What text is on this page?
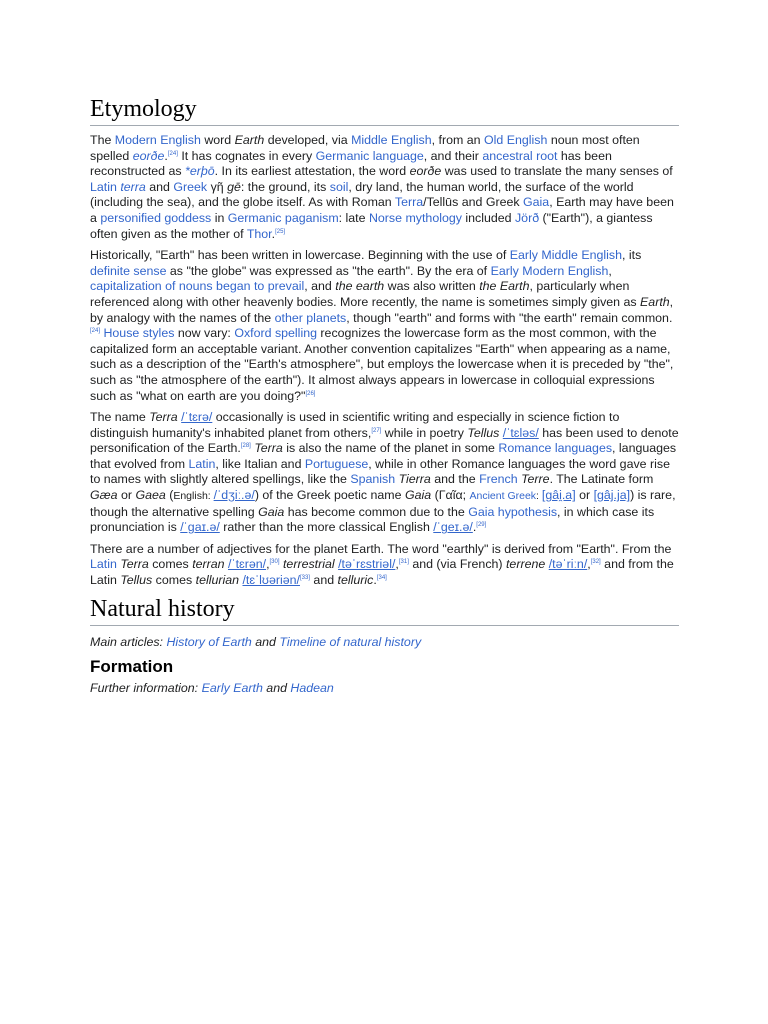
Etymology

The Modern English word Earth developed, via Middle English, from an Old English noun most often spelled eorðe.[24] It has cognates in every Germanic language, and their ancestral root has been reconstructed as *erþō. In its earliest attestation, the word eorðe was used to translate the many senses of Latin terra and Greek γῆ gē: the ground, its soil, dry land, the human world, the surface of the world (including the sea), and the globe itself. As with Roman Terra/Tellūs and Greek Gaia, Earth may have been a personified goddess in Germanic paganism: late Norse mythology included Jörð ("Earth"), a giantess often given as the mother of Thor.[25]

Historically, "Earth" has been written in lowercase. Beginning with the use of Early Middle English, its definite sense as "the globe" was expressed as "the earth". By the era of Early Modern English, capitalization of nouns began to prevail, and the earth was also written the Earth, particularly when referenced along with other heavenly bodies. More recently, the name is sometimes simply given as Earth, by analogy with the names of the other planets, though "earth" and forms with "the earth" remain common.[24] House styles now vary: Oxford spelling recognizes the lowercase form as the most common, with the capitalized form an acceptable variant. Another convention capitalizes "Earth" when appearing as a name, such as a description of the "Earth's atmosphere", but employs the lowercase when it is preceded by "the", such as "the atmosphere of the earth"). It almost always appears in lowercase in colloquial expressions such as "what on earth are you doing?"[26]

The name Terra /ˈtɛrə/ occasionally is used in scientific writing and especially in science fiction to distinguish humanity's inhabited planet from others,[27] while in poetry Tellus /ˈtɛləs/ has been used to denote personification of the Earth.[28] Terra is also the name of the planet in some Romance languages, languages that evolved from Latin, like Italian and Portuguese, while in other Romance languages the word gave rise to names with slightly altered spellings, like the Spanish Tierra and the French Terre. The Latinate form Gæa or Gaea (English: /ˈdʒiː.ə/) of the Greek poetic name Gaia (Γαῖα; Ancient Greek: [ɡâi̯.a] or [ɡâj.ja]) is rare, though the alternative spelling Gaia has become common due to the Gaia hypothesis, in which case its pronunciation is /ˈɡaɪ.ə/ rather than the more classical English /ˈɡeɪ.ə/.[29]

There are a number of adjectives for the planet Earth. The word "earthly" is derived from "Earth". From the Latin Terra comes terran /ˈtɛrən/,[30] terrestrial /təˈrɛstriəl/,[31] and (via French) terrene /təˈriːn/,[32] and from the Latin Tellus comes tellurian /tɛˈlʊəriən/[33] and telluric.[34]

Natural history
Main articles: History of Earth and Timeline of natural history
Formation
Further information: Early Earth and Hadean
